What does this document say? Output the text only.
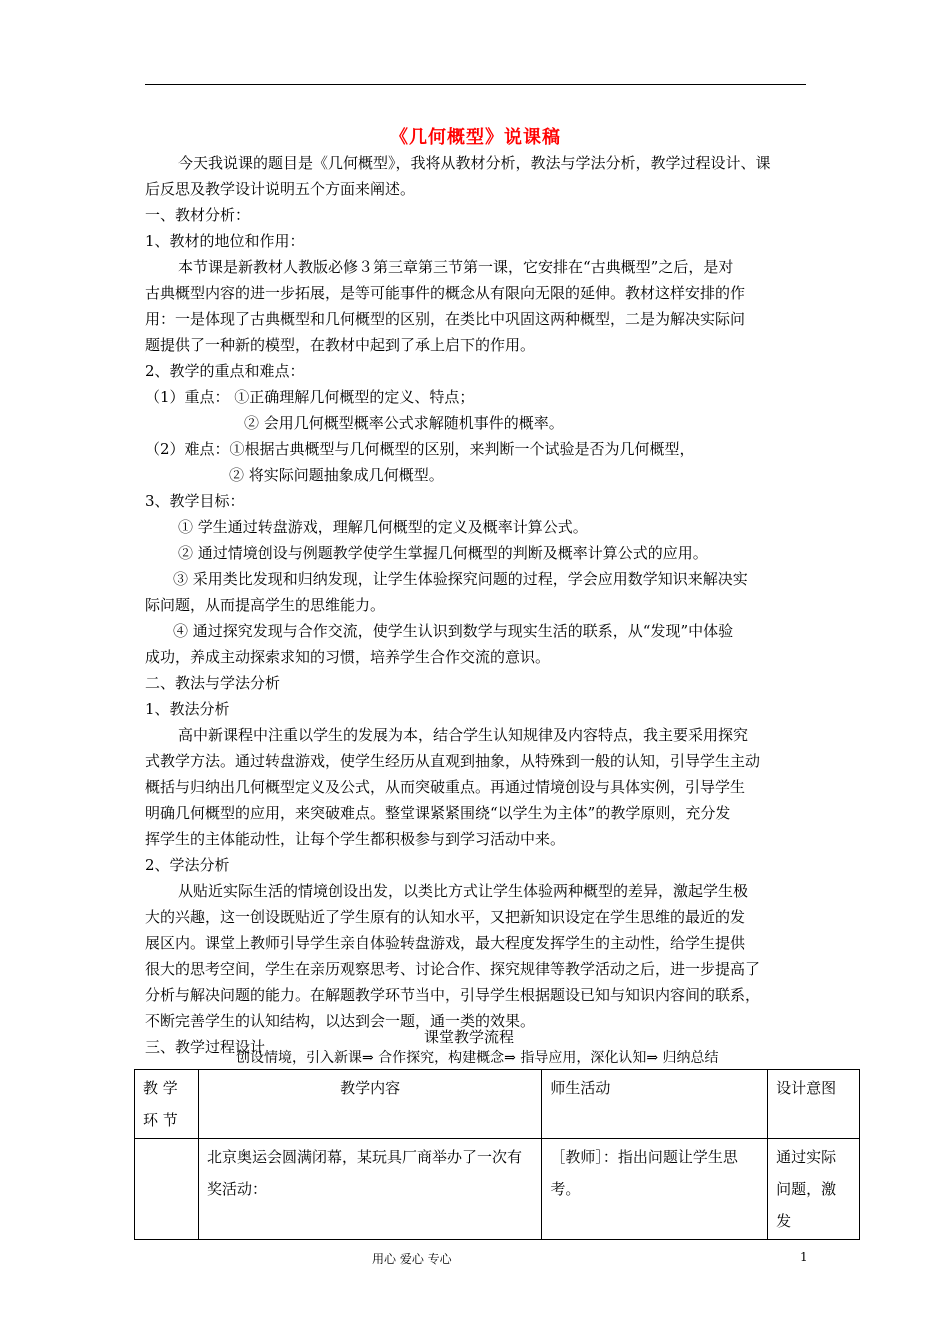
《几何概型》说课稿
今天我说课的题目是《几何概型》，我将从教材分析，教法与学法分析，教学过程设计、课
后反思及教学设计说明五个方面来阐述。
一、教材分析：
1、教材的地位和作用：
本节课是新教材人教版必修３第三章第三节第一课，它安排在“古典概型”之后，是对
古典概型内容的进一步拓展，是等可能事件的概念从有限向无限的延伸。教材这样安排的作
用：一是体现了古典概型和几何概型的区别，在类比中巩固这两种概型，二是为解决实际问
题提供了一种新的模型，在教材中起到了承上启下的作用。
2、教学的重点和难点：
（1）重点： ①正确理解几何概型的定义、特点；
② 会用几何概型概率公式求解随机事件的概率。
（2）难点：①根据古典概型与几何概型的区别，来判断一个试验是否为几何概型，
② 将实际问题抽象成几何概型。
3、教学目标：
① 学生通过转盘游戏，理解几何概型的定义及概率计算公式。
② 通过情境创设与例题教学使学生掌握几何概型的判断及概率计算公式的应用。
③ 采用类比发现和归纳发现，让学生体验探究问题的过程，学会应用数学知识来解决实
际问题，从而提高学生的思维能力。
④ 通过探究发现与合作交流，使学生认识到数学与现实生活的联系，从“发现”中体验
成功，养成主动探索求知的习惯，培养学生合作交流的意识。
二、教法与学法分析
1、教法分析
高中新课程中注重以学生的发展为本，结合学生认知规律及内容特点，我主要采用探究
式教学方法。通过转盘游戏，使学生经历从直观到抽象，从特殊到一般的认知，引导学生主动
概括与归纳出几何概型定义及公式，从而突破重点。再通过情境创设与具体实例，引导学生
明确几何概型的应用，来突破难点。整堂课紧紧围绕“以学生为主体”的教学原则，充分发
挥学生的主体能动性，让每个学生都积极参与到学习活动中来。
2、学法分析
从贴近实际生活的情境创设出发，以类比方式让学生体验两种概型的差异，激起学生极
大的兴趣，这一创设既贴近了学生原有的认知水平，又把新知识设定在学生思维的最近的发
展区内。课堂上教师引导学生亲自体验转盘游戏，最大程度发挥学生的主动性，给学生提供
很大的思考空间，学生在亲历观察思考、讨论合作、探究规律等教学活动之后，进一步提高了
分析与解决问题的能力。在解题教学环节当中，引导学生根据题设已知与知识内容间的联系，
不断完善学生的认知结构，以达到会一题，通一类的效果。
三、教学过程设计
课堂教学流程
创设情境，引入新课⇒ 合作探究，构建概念⇒ 指导应用，深化认知⇒ 归纳总结
教 学 环 节	教学内容	师生活动	设计意图
	北京奥运会圆满闭幕，某玩具厂商举办了一次有奖活动：	［教师］：指出问题让学生思考。	通过实际问题，激发
用心 爱心 专心	1
